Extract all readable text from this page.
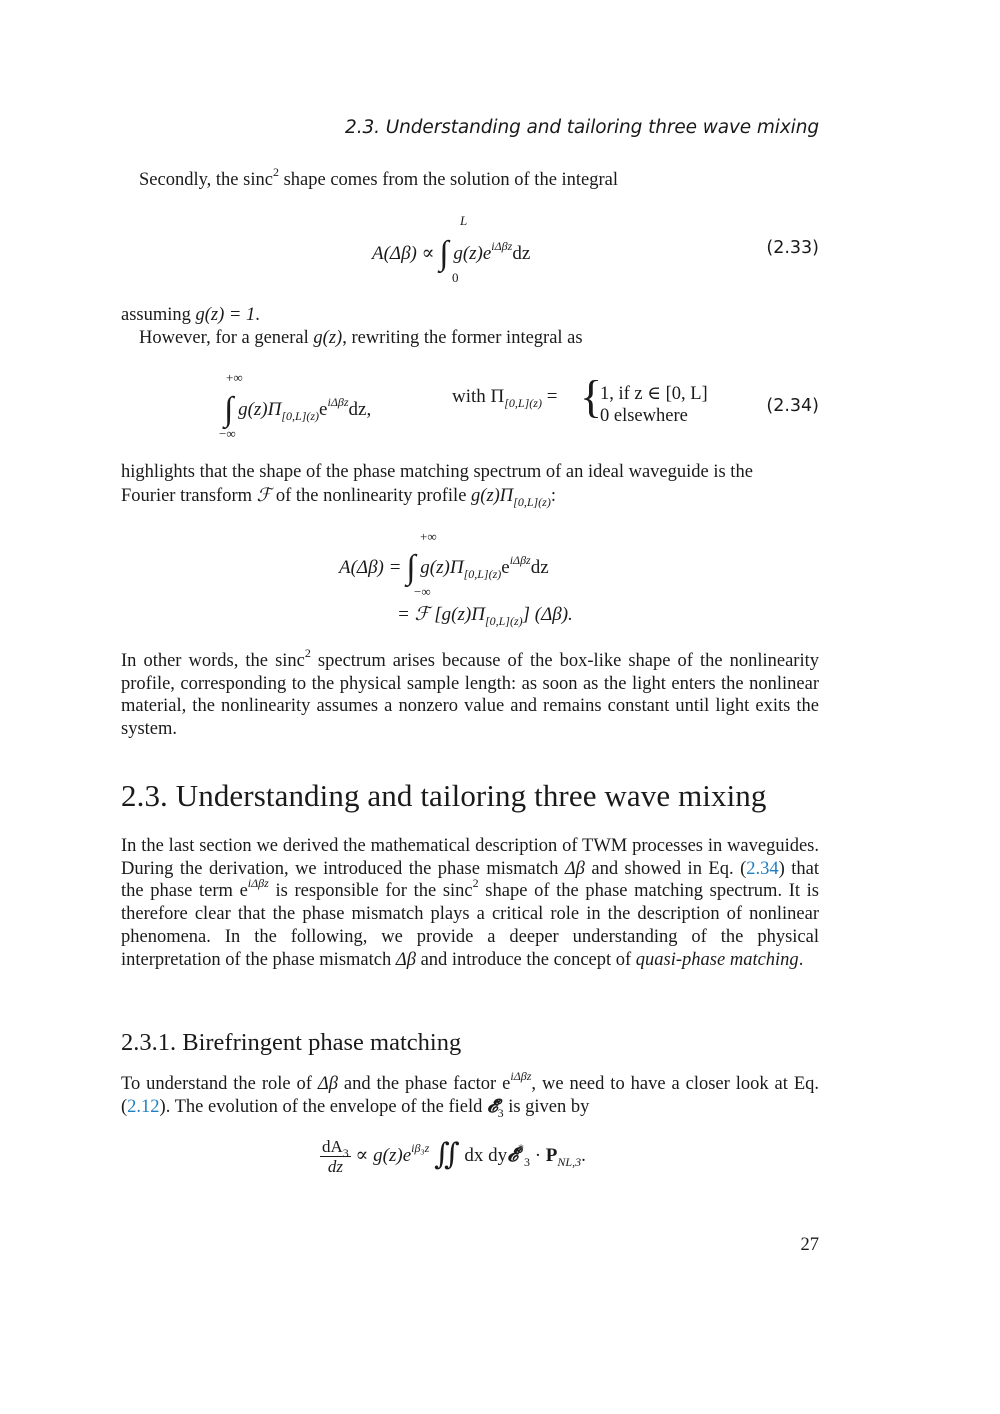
2.3. Understanding and tailoring three wave mixing
Secondly, the sinc$^2$ shape comes from the solution of the integral
A(Δβ) ∝ ∫ $g(z)e^{i\Delta\beta z}dz$
L
0
(2.33)
assuming g(z) = 1.
However, for a general g(z), rewriting the former integral as
+∞
−∞
∫ $g(z)\Pi_{[0,L](z)}e^{i\Delta\beta z}dz$,
with $\Pi_{[0,L](z)}$ = {
1, if z ∈ [0, L]
0 elsewhere	(2.34)
highlights that the shape of the phase matching spectrum of an ideal waveguide is the
Fourier transform ℱ of the nonlinearity profile $g(z)\Pi_{[0,L](z)}$:
+∞
−∞
A(Δβ) = ∫ $g(z)\Pi_{[0,L](z)}e^{i\Delta\beta z}dz$
= ℱ $[g(z)\Pi_{[0,L](z)}]$ (Δβ).
In other words, the sinc$^2$ spectrum arises because of the box-like shape of the nonlinearity profile, corresponding to the physical sample length: as soon as the light enters the nonlinear material, the nonlinearity assumes a nonzero value and remains constant until light exits the system.
2.3. Understanding and tailoring three wave mixing
In the last section we derived the mathematical description of TWM processes in waveguides. During the derivation, we introduced the phase mismatch Δβ and showed in Eq. (2.34) that the phase term $e^{i\Delta\beta z}$ is responsible for the sinc$^2$ shape of the phase matching spectrum. It is therefore clear that the phase mismatch plays a critical role in the description of nonlinear phenomena. In the following, we provide a deeper understanding of the physical interpretation of the phase mismatch Δβ and introduce the concept of quasi-phase matching.
2.3.1. Birefringent phase matching
To understand the role of Δβ and the phase factor $e^{i\Delta\beta z}$, we need to have a closer look at Eq. (2.12). The evolution of the envelope of the field $𝓔̃_3$ is given by
$\frac{dA_3}{dz} \propto g(z)e^{i\beta_3z}$ ∬ dx $dy𝓔̃^*_3 \cdot P_{NL,3}$.
27
